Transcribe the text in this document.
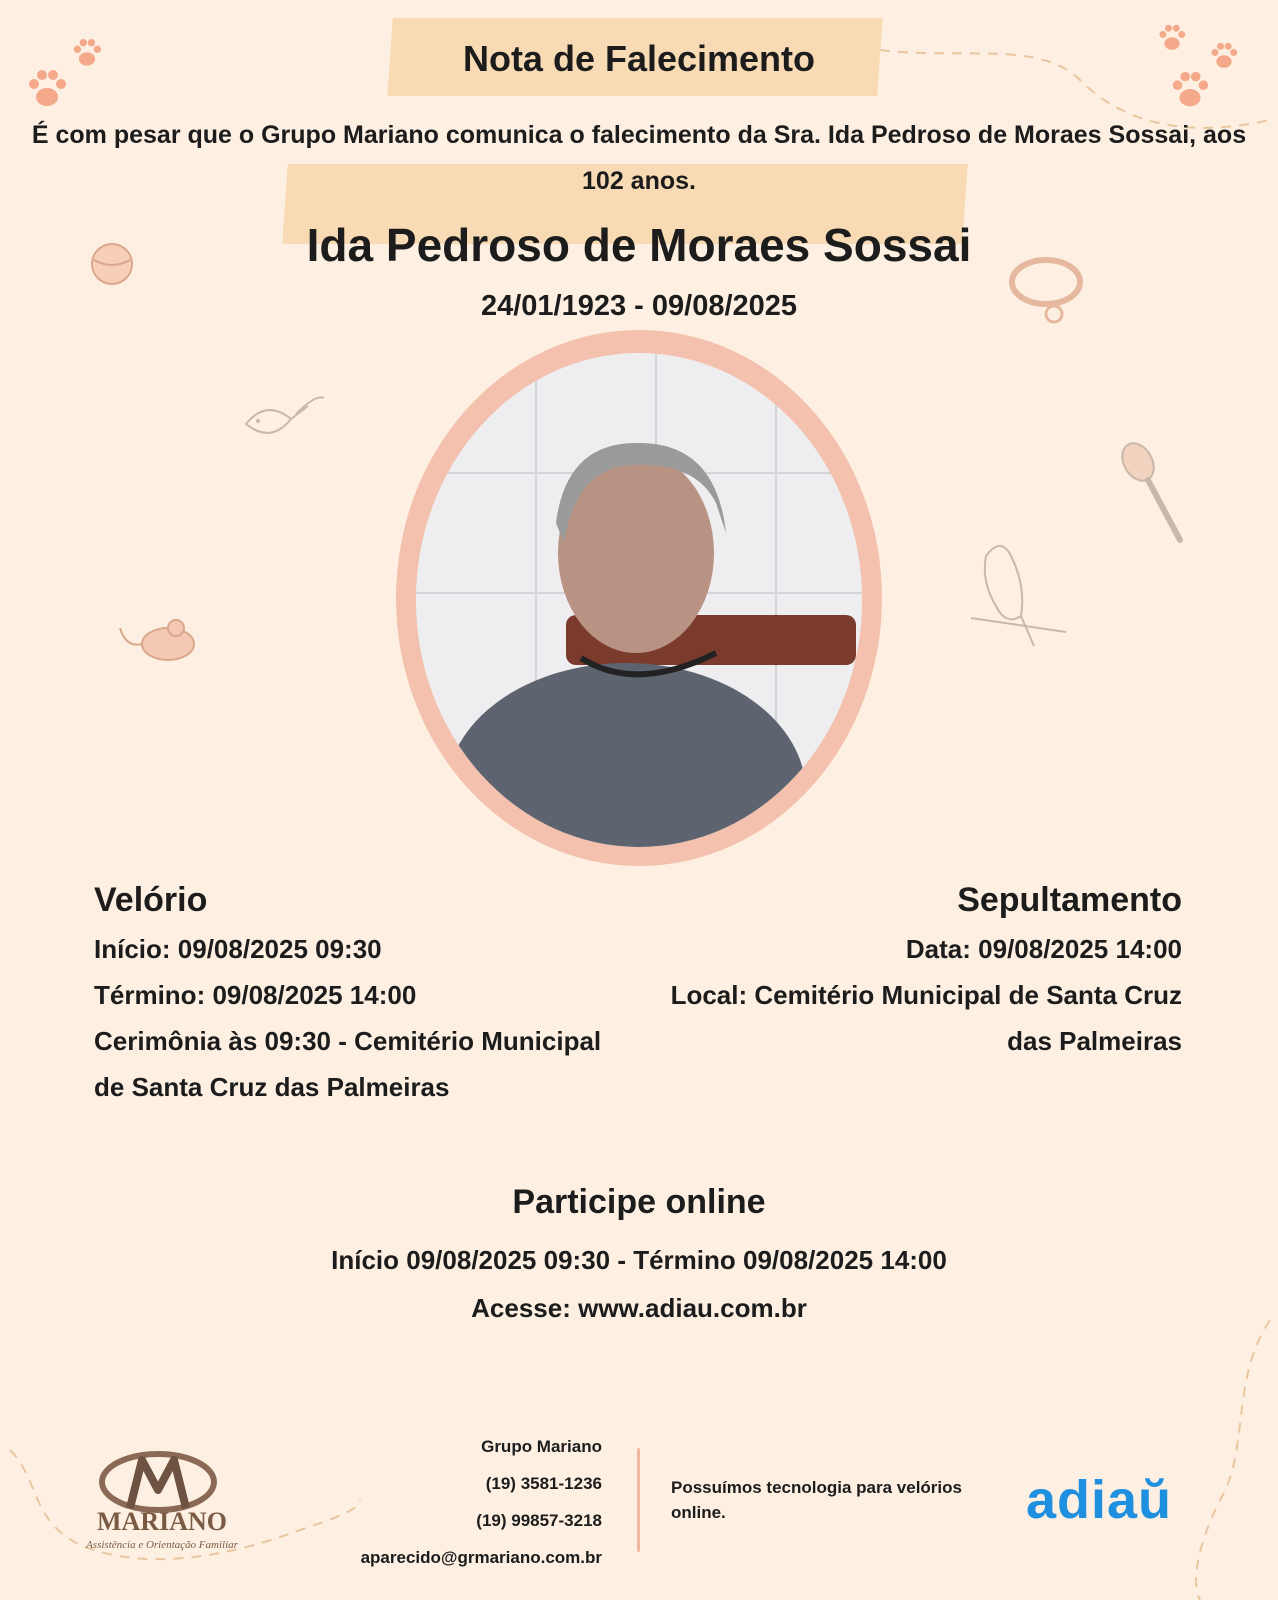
Nota de Falecimento
É com pesar que o Grupo Mariano comunica o falecimento da Sra. Ida Pedroso de Moraes Sossai, aos 102 anos.
Ida Pedroso de Moraes Sossai
24/01/1923 - 09/08/2025
Velório

Início: 09/08/2025 09:30

Término: 09/08/2025 14:00

Cerimônia às 09:30 - Cemitério Municipal de Santa Cruz das Palmeiras

Sepultamento

Data: 09/08/2025 14:00

Local: Cemitério Municipal de Santa Cruz das Palmeiras

Participe online

Início 09/08/2025 09:30 - Término 09/08/2025 14:00

Acesse: www.adiau.com.br

MARIANO
Assistência e Orientação Familiar

Grupo Mariano

(19) 3581-1236

(19) 99857-3218

aparecido@grmariano.com.br

Possuímos tecnologia para velórios online.	adiaŭ
